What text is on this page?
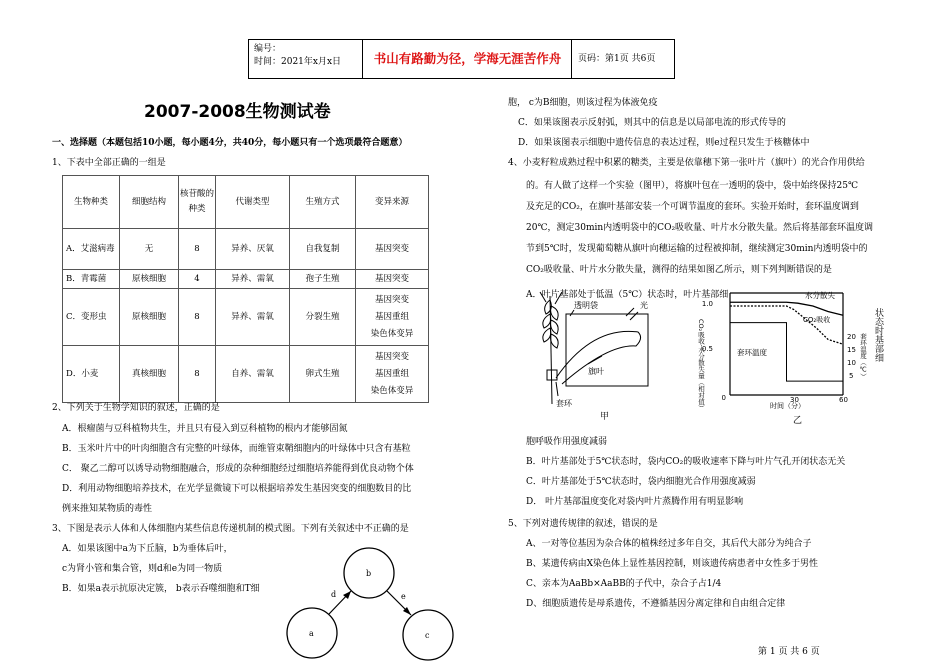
编号：
时间：2021年x月x日	书山有路勤为径，学海无涯苦作舟	页码：第1页 共6页
2007-2008生物测试卷
一、选择题（本题包括10小题，每小题4分，共40分，每小题只有一个选项最符合题意）
1、下表中全部正确的一组是
生物种类	细胞结构	核苷酸的种类	代谢类型	生殖方式	变异来源
A．艾滋病毒	无	8	异养、厌氧	自我复制	基因突变
B．青霉菌	原核细胞	4	异养、需氧	孢子生殖	基因突变
C．变形虫	原核细胞	8	异养、需氧	分裂生殖	基因突变
基因重组
染色体变异
D．小麦	真核细胞	8	自养、需氧	卵式生殖	基因突变
基因重组
染色体变异
2、下列关于生物学知识的叙述，正确的是
A．根瘤菌与豆科植物共生，并且只有侵入到豆科植物的根内才能够固氮
B．玉米叶片中的叶肉细胞含有完整的叶绿体，而维管束鞘细胞内的叶绿体中只含有基粒
C． 聚乙二醇可以诱导动物细胞融合，形成的杂种细胞经过细胞培养能得到优良动物个体
D．利用动物细胞培养技术，在光学显微镜下可以根据培养发生基因突变的细胞数目的比
例来推知某物质的毒性
3、下图是表示人体和人体细胞内某些信息传递机制的模式图。下列有关叙述中不正确的是
A．如果该图中a为下丘脑，b为垂体后叶，
c为肾小管和集合管，则d和e为同一物质
B．如果a表示抗原决定簇， b表示吞噬细胞和T细
b
a	c
d	e
胞， c为B细胞，则该过程为体液免疫
C．如果该图表示反射弧，则其中的信息是以局部电流的形式传导的
D．如果该图表示细胞中遗传信息的表达过程，则e过程只发生于核糖体中
4、小麦籽粒成熟过程中积累的糖类，主要是依靠穗下第一张叶片（旗叶）的光合作用供给
的。有人做了这样一个实验（图甲），将旗叶包在一透明的袋中，袋中始终保持25℃
及充足的CO₂，在旗叶基部安装一个可调节温度的套环。实验开始时，套环温度调到
20℃，测定30min内透明袋中的CO₂吸收量、叶片水分散失量。然后将基部套环温度调
节到5℃时，发现葡萄糖从旗叶向穗运输的过程被抑制，继续测定30min内透明袋中的
CO₂吸收量、叶片水分散失量，测得的结果如图乙所示，则下列判断错误的是
透明袋	光
旗叶
套环
甲
1.0
0.5
0
水分散失
CO₂吸收
套环温度
CO₂吸收·水分散失量（相对值）	套环温度（℃）
20
15
10
5
30	60
时间（分）
乙
状态时基部细
A．叶片基部处于低温（5℃）状态时，叶片基部细
胞呼吸作用强度减弱
B．叶片基部处于5℃状态时，袋内CO₂的吸收速率下降与叶片气孔开闭状态无关
C．叶片基部处于5℃状态时，袋内细胞光合作用强度减弱
D． 叶片基部温度变化对袋内叶片蒸腾作用有明显影响
5、下列对遗传规律的叙述，错误的是
A、一对等位基因为杂合体的植株经过多年自交，其后代大部分为纯合子
B、某遗传病由X染色体上显性基因控制，则该遗传病患者中女性多于男性
C、亲本为AaBb×AaBB的子代中，杂合子占1/4
D、细胞质遗传是母系遗传，不遵循基因分离定律和自由组合定律
第 1 页 共 6 页
